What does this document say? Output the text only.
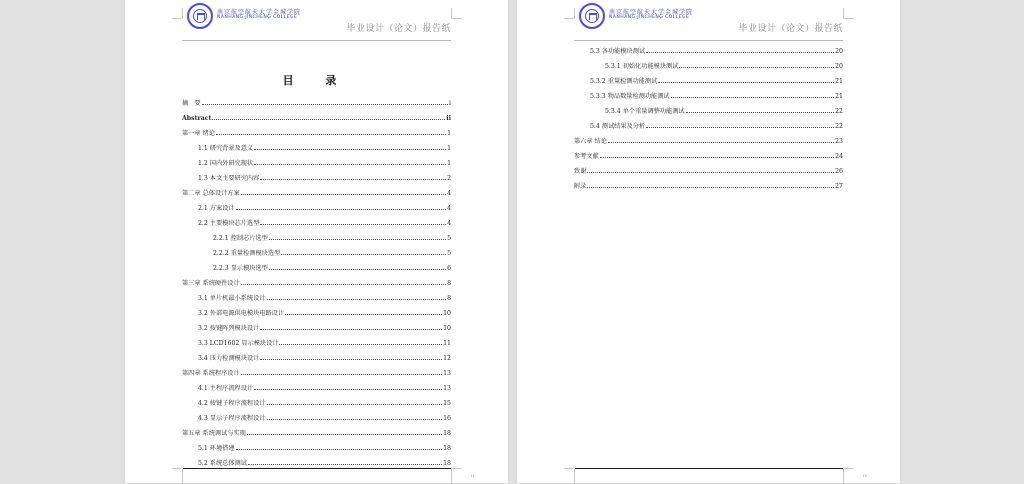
南京航空航天大学金城学院
NANHANG JINCHENG COLLEGE
毕业设计（论文）报告纸
目 录
摘　要	i
Abstract	ii
第一章 绪论	1
1.1 研究背景及意义	1
1.2 国内外研究现状	1
1.3 本文主要研究内容	2
第二章 总体设计方案	4
2.1 方案设计	4
2.2 主要模块芯片选型	4
2.2.1 控制芯片选型	5
2.2.2 重量检测模块选型	5
2.2.3 显示模块选型	6
第三章 系统硬件设计	8
3.1 单片机最小系统设计	8
3.2 外部电源供电模块电路设计	10
3.2 按键阵列模块设计	10
3.3 LCD1602 显示模块设计	11
3.4 压力检测模块设计	12
第四章 系统程序设计	13
4.1 主程序流程设计	13
4.2 按键子程序流程设计	15
4.3 显示子程序流程设计	16
第五章 系统调试与实现	18
5.1 环境搭建	18
5.2 系统总体测试	18
II
南京航空航天大学金城学院
NANHANG JINCHENG COLLEGE
毕业设计（论文）报告纸
5.3 各功能模块测试	20
5.3.1 初始化功能模块测试	20
5.3.2 重量检测功能测试	21
5.3.3 物品数量检测功能测试	21
5.3.4 单个重量调整功能测试	22
5.4 测试结果及分析	22
第六章 结论	23
参考文献	24
致谢	26
附录	27
IV
